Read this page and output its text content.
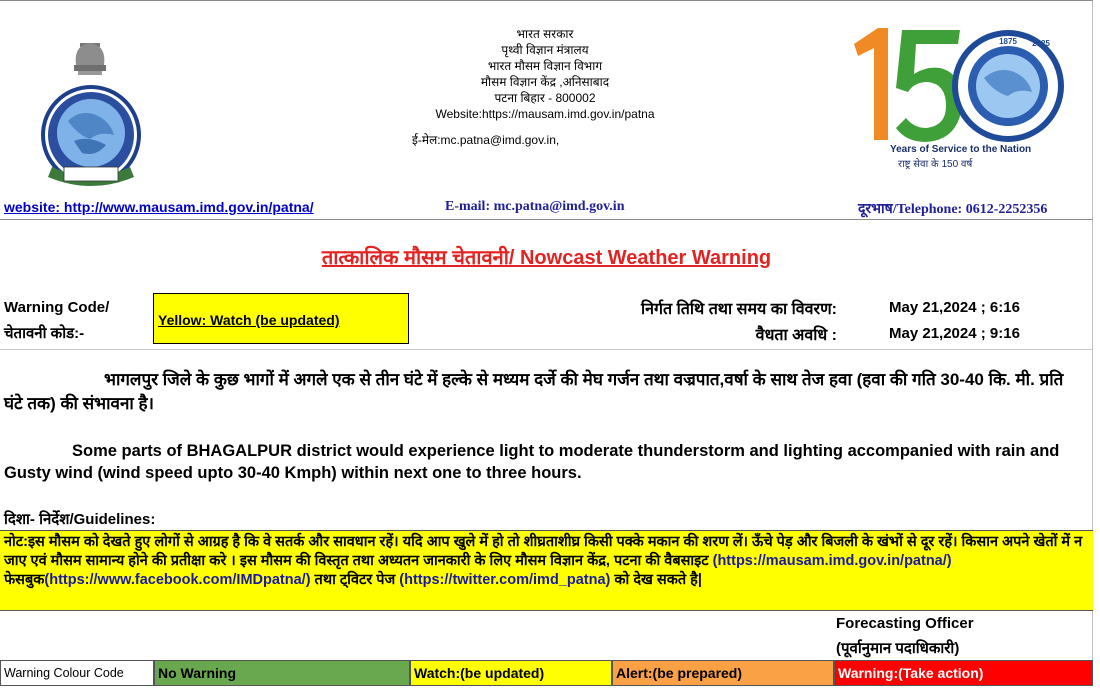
भारत सरकार
पृथ्वी विज्ञान मंत्रालय
भारत मौसम विज्ञान विभाग
मौसम विज्ञान केंद्र ,अनिसाबाद
पटना बिहार - 800002
Website:https://mausam.imd.gov.in/patna
ई-मेल:mc.patna@imd.gov.in,
1875 2025
Years of Service to the Nation
राष्ट्र सेवा के 150 वर्ष
website: http://www.mausam.imd.gov.in/patna/	E-mail: mc.patna@imd.gov.in	दूरभाष/Telephone: 0612-2252356
तात्कालिक मौसम चेतावनी/ Nowcast Weather Warning
Warning Code/
चेतावनी कोड:-
Yellow: Watch (be updated)
निर्गत तिथि तथा समय का विवरण:	May 21,2024 ; 6:16
वैधता अवधि :	May 21,2024 ; 9:16
भागलपुर जिले के कुछ भागों में अगले एक से तीन घंटे में हल्के से मध्यम दर्जे की मेघ गर्जन तथा वज्रपात,वर्षा के साथ तेज हवा (हवा की गति 30-40 कि. मी. प्रति घंटे तक) की संभावना है।
Some parts of BHAGALPUR district would experience light to moderate thunderstorm and lighting accompanied with rain and Gusty wind (wind speed upto 30-40 Kmph) within next one to three hours.
दिशा- निर्देश/Guidelines:
नोट:इस मौसम को देखते हुए लोगों से आग्रह है कि वे सतर्क और सावधान रहें। यदि आप खुले में हो तो शीघ्रताशीघ्र किसी पक्के मकान की शरण लें। ऊँचे पेड़ और बिजली के खंभों से दूर रहें। किसान अपने खेतों में न जाए एवं मौसम सामान्य होने की प्रतीक्षा करे । इस मौसम की विस्तृत तथा अध्यतन जानकारी के लिए मौसम विज्ञान केंद्र, पटना की वैबसाइट (https://mausam.imd.gov.in/patna/) फेसबुक(https://www.facebook.com/IMDpatna/) तथा ट्विटर पेज (https://twitter.com/imd_patna) को देख सकते है|
Forecasting Officer
(पूर्वानुमान पदाधिकारी)
Warning Colour Code	No Warning	Watch:(be updated)	Alert:(be prepared)	Warning:(Take action)
